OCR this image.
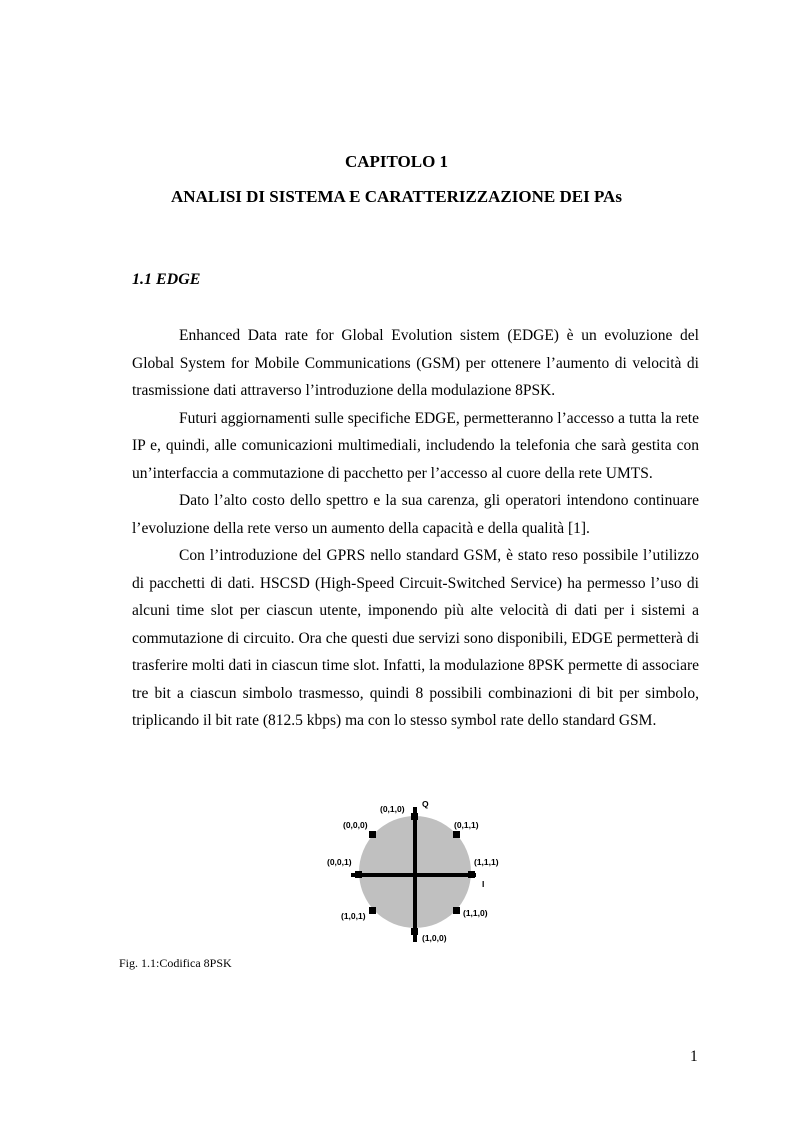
CAPITOLO 1
ANALISI DI SISTEMA E CARATTERIZZAZIONE DEI PAs
1.1 EDGE

Enhanced Data rate for Global Evolution sistem (EDGE) è un evoluzione del Global System for Mobile Communications (GSM) per ottenere l’aumento di velocità di trasmissione dati attraverso l’introduzione della modulazione 8PSK.

Futuri aggiornamenti sulle specifiche EDGE, permetteranno l’accesso a tutta la rete IP e, quindi, alle comunicazioni multimediali, includendo la telefonia che sarà gestita con un’interfaccia a commutazione di pacchetto per l’accesso al cuore della rete UMTS.

Dato l’alto costo dello spettro e la sua carenza, gli operatori intendono continuare l’evoluzione della rete verso un aumento della capacità e della qualità [1].

Con l’introduzione del GPRS nello standard GSM, è stato reso possibile l’utilizzo di pacchetti di dati. HSCSD (High-Speed Circuit-Switched Service) ha permesso l’uso di alcuni time slot per ciascun utente, imponendo più alte velocità di dati per i sistemi a commutazione di circuito. Ora che questi due servizi sono disponibili, EDGE permetterà di trasferire molti dati in ciascun time slot. Infatti, la modulazione 8PSK permette di associare tre bit a ciascun simbolo trasmesso, quindi 8 possibili combinazioni di bit per simbolo, triplicando il bit rate (812.5 kbps) ma con lo stesso symbol rate dello standard GSM.

Q
I
(0,1,0)
(0,1,1)
(1,1,1)
(1,1,0)
(1,0,0)
(1,0,1)
(0,0,1)
(0,0,0)
Fig. 1.1:Codifica 8PSK
1
